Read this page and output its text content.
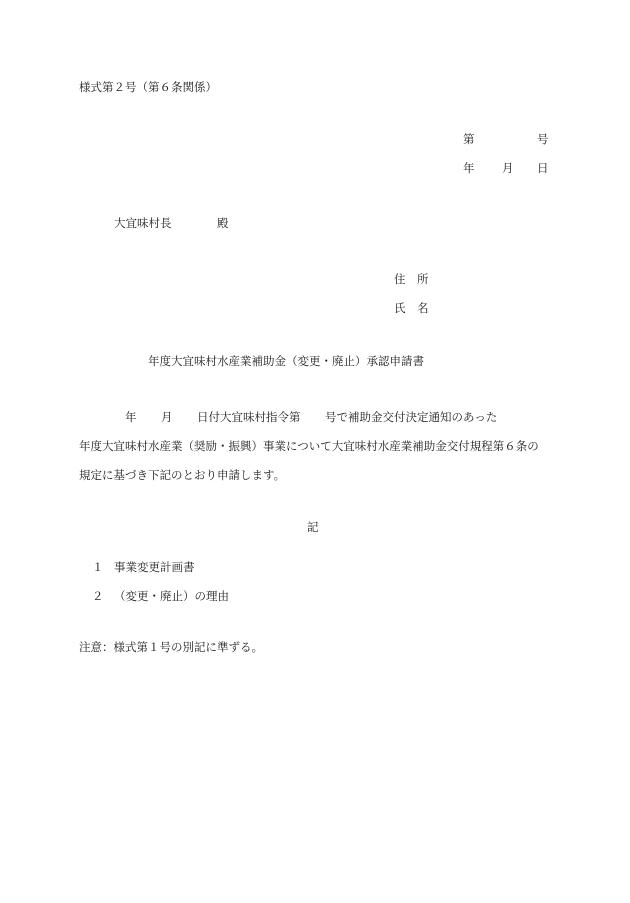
様式第２号（第６条関係）
第	号
年 月 日
大宜味村長	殿
住　所
氏　名
年度大宜味村水産業補助金（変更・廃止）承認申請書
年 月 日付大宜味村指令第 号で補助金交付決定通知のあった
年度大宜味村水産業（奨励・振興）事業について大宜味村水産業補助金交付規程第６条の
規定に基づき下記のとおり申請します。
記
１ 事業変更計画書
２ （変更・廃止）の理由
注意：様式第１号の別記に準ずる。
